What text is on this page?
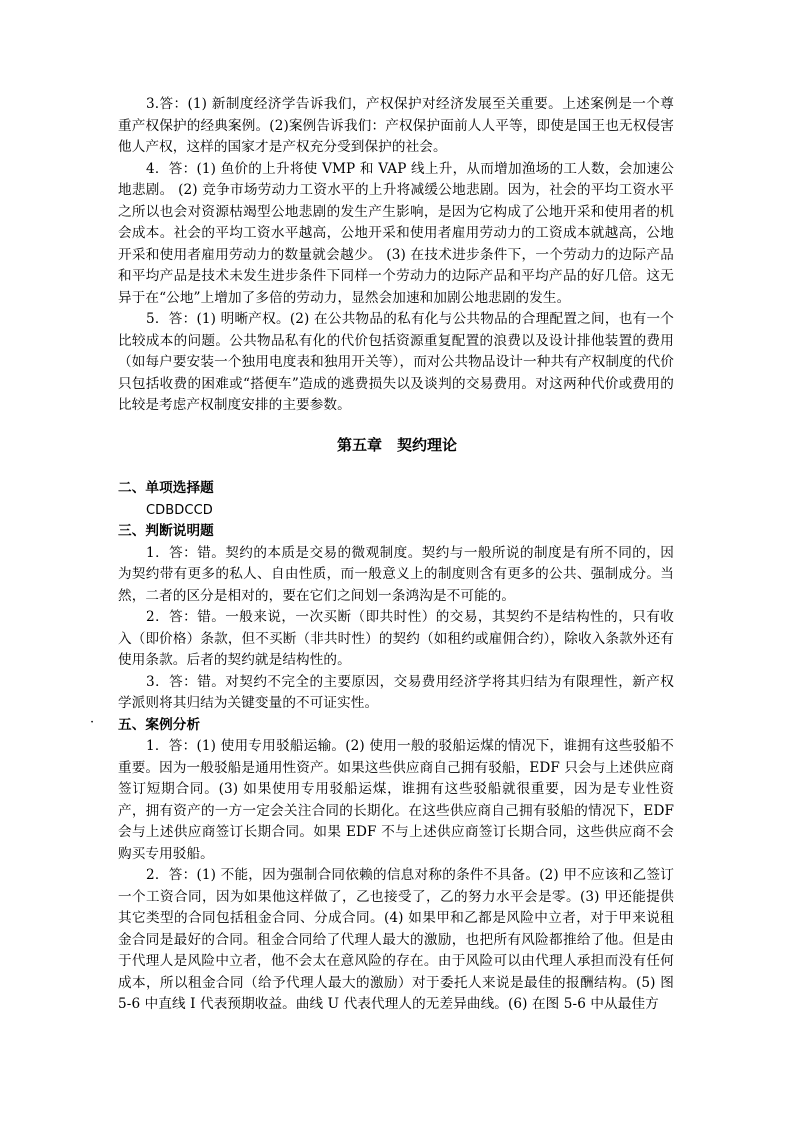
3.答：(1) 新制度经济学告诉我们，产权保护对经济发展至关重要。上述案例是一个尊重产权保护的经典案例。(2)案例告诉我们：产权保护面前人人平等，即使是国王也无权侵害他人产权，这样的国家才是产权充分受到保护的社会。

4．答：(1) 鱼价的上升将使 VMP 和 VAP 线上升，从而增加渔场的工人数，会加速公地悲剧。 (2) 竞争市场劳动力工资水平的上升将减缓公地悲剧。因为，社会的平均工资水平之所以也会对资源枯竭型公地悲剧的发生产生影响，是因为它构成了公地开采和使用者的机会成本。社会的平均工资水平越高，公地开采和使用者雇用劳动力的工资成本就越高，公地开采和使用者雇用劳动力的数量就会越少。 (3) 在技术进步条件下，一个劳动力的边际产品和平均产品是技术未发生进步条件下同样一个劳动力的边际产品和平均产品的好几倍。这无异于在“公地”上增加了多倍的劳动力，显然会加速和加剧公地悲剧的发生。

5．答：(1) 明晰产权。(2) 在公共物品的私有化与公共物品的合理配置之间，也有一个比较成本的问题。公共物品私有化的代价包括资源重复配置的浪费以及设计排他装置的费用（如每户要安装一个独用电度表和独用开关等），而对公共物品设计一种共有产权制度的代价只包括收费的困难或“搭便车”造成的逃费损失以及谈判的交易费用。对这两种代价或费用的比较是考虑产权制度安排的主要参数。

第五章　契约理论

二、单项选择题

CDBDCCD

三、判断说明题

1．答：错。契约的本质是交易的微观制度。契约与一般所说的制度是有所不同的，因为契约带有更多的私人、自由性质，而一般意义上的制度则含有更多的公共、强制成分。当然，二者的区分是相对的，要在它们之间划一条鸿沟是不可能的。

2．答：错。一般来说，一次买断（即共时性）的交易，其契约不是结构性的，只有收入（即价格）条款，但不买断（非共时性）的契约（如租约或雇佣合约），除收入条款外还有使用条款。后者的契约就是结构性的。

3．答：错。对契约不完全的主要原因，交易费用经济学将其归结为有限理性，新产权学派则将其归结为关键变量的不可证实性。

五、案例分析

1．答：(1) 使用专用驳船运输。(2) 使用一般的驳船运煤的情况下，谁拥有这些驳船不重要。因为一般驳船是通用性资产。如果这些供应商自己拥有驳船，EDF 只会与上述供应商签订短期合同。(3) 如果使用专用驳船运煤，谁拥有这些驳船就很重要，因为是专业性资产，拥有资产的一方一定会关注合同的长期化。在这些供应商自己拥有驳船的情况下，EDF 会与上述供应商签订长期合同。如果 EDF 不与上述供应商签订长期合同，这些供应商不会购买专用驳船。

2．答：(1) 不能，因为强制合同依赖的信息对称的条件不具备。(2) 甲不应该和乙签订一个工资合同，因为如果他这样做了，乙也接受了，乙的努力水平会是零。(3) 甲还能提供其它类型的合同包括租金合同、分成合同。(4) 如果甲和乙都是风险中立者，对于甲来说租金合同是最好的合同。租金合同给了代理人最大的激励，也把所有风险都推给了他。但是由于代理人是风险中立者，他不会太在意风险的存在。由于风险可以由代理人承担而没有任何成本，所以租金合同（给予代理人最大的激励）对于委托人来说是最佳的报酬结构。(5) 图 5-6 中直线 I 代表预期收益。曲线 U 代表代理人的无差异曲线。(6) 在图 5-6 中从最佳方

·
